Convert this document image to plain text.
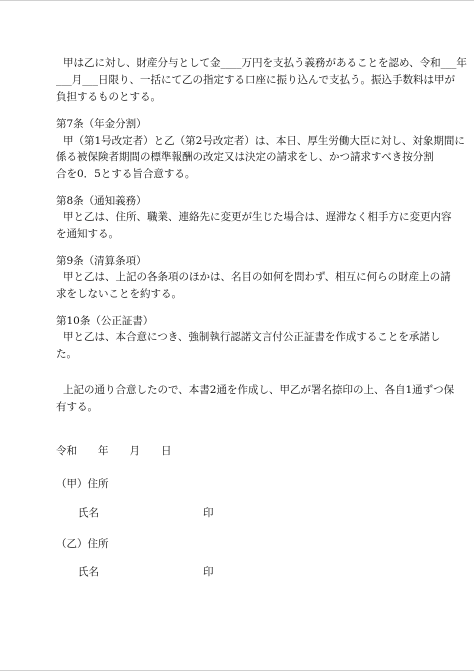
甲は乙に対し、財産分与として金____万円を支払う義務があることを認め、令和___年

___月___日限り、一括にて乙の指定する口座に振り込んで支払う。振込手数料は甲が

負担するものとする。

第7条（年金分割）

甲（第1号改定者）と乙（第2号改定者）は、本日、厚生労働大臣に対し、対象期間に

係る被保険者期間の標準報酬の改定又は決定の請求をし、かつ請求すべき按分割

合を0．5とする旨合意する。

第8条（通知義務）

甲と乙は、住所、職業、連絡先に変更が生じた場合は、遅滞なく相手方に変更内容

を通知する。

第9条（清算条項）

甲と乙は、上記の各条項のほかは、名目の如何を問わず、相互に何らの財産上の請

求をしないことを約する。

第10条（公正証書）

甲と乙は、本合意につき、強制執行認諾文言付公正証書を作成することを承諾し

た。

上記の通り合意したので、本書2通を作成し、甲乙が署名捺印の上、各自1通ずつ保

有する。

令和　　年　　月　　日

（甲）住所

氏名	印

（乙）住所

氏名	印
